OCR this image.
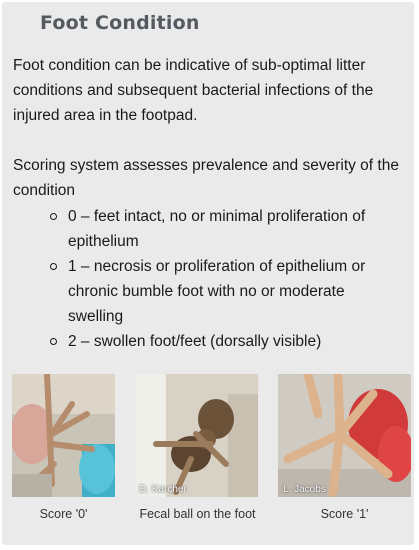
Foot Condition
Foot condition can be indicative of sub-optimal litter conditions and subsequent bacterial infections of the injured area in the footpad.
Scoring system assesses prevalence and severity of the condition
0 – feet intact, no or minimal proliferation of epithelium
1 – necrosis or proliferation of epithelium or chronic bumble foot with no or moderate swelling
2 – swollen foot/feet (dorsally visible)
Score '0'
D. Karcher
Fecal ball on the foot
L. Jacobs
Score '1'
